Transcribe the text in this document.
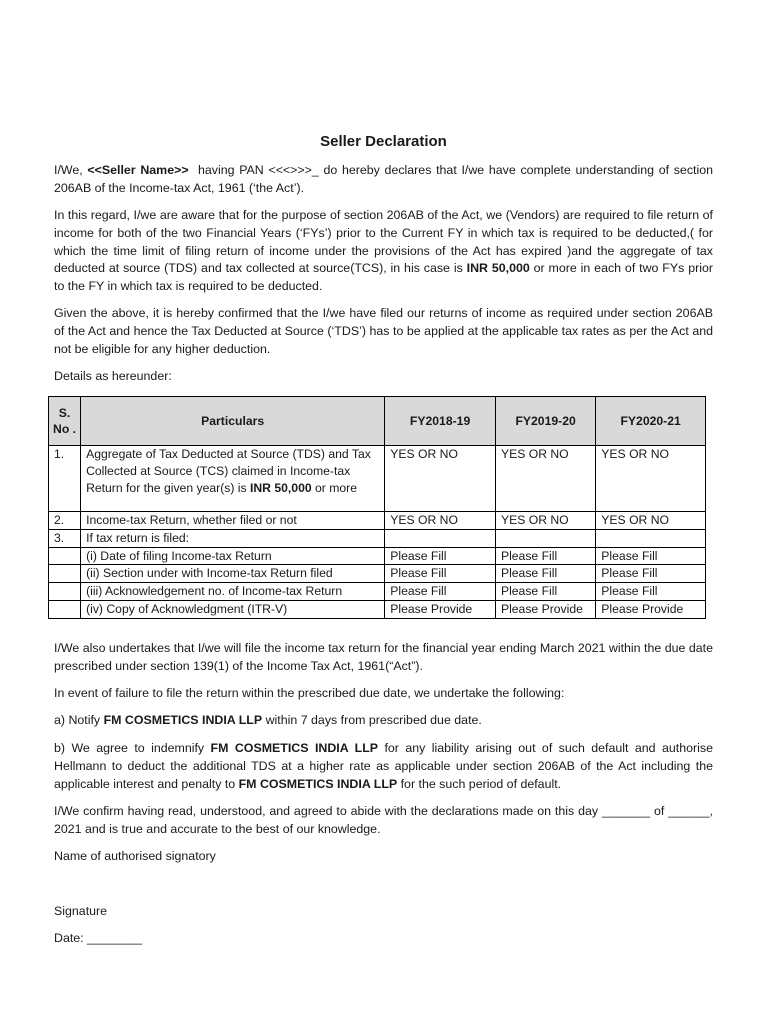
Seller Declaration
I/We, <<Seller Name>>  having PAN <<<>>>_ do hereby declares that I/we have complete understanding of section 206AB of the Income-tax Act, 1961 (‘the Act’).
In this regard, I/we are aware that for the purpose of section 206AB of the Act, we (Vendors) are required to file return of income for both of the two Financial Years (‘FYs’) prior to the Current FY in which tax is required to be deducted,( for which the time limit of filing return of income under the provisions of the Act has expired )and the aggregate of tax deducted at source (TDS) and tax collected at source(TCS), in his case is INR 50,000 or more in each of two FYs prior to the FY in which tax is required to be deducted.
Given the above, it is hereby confirmed that the I/we have filed our returns of income as required under section 206AB of the Act and hence the Tax Deducted at Source (‘TDS’) has to be applied at the applicable tax rates as per the Act and not be eligible for any higher deduction.
Details as hereunder:
I/We also undertakes that I/we will file the income tax return for the financial year ending March 2021 within the due date prescribed under section 139(1) of the Income Tax Act, 1961(“Act”).
In event of failure to file the return within the prescribed due date, we undertake the following:
a) Notify FM COSMETICS INDIA LLP within 7 days from prescribed due date.
b) We agree to indemnify FM COSMETICS INDIA LLP for any liability arising out of such default and authorise Hellmann to deduct the additional TDS at a higher rate as applicable under section 206AB of the Act including the applicable interest and penalty to FM COSMETICS INDIA LLP for the such period of default.
I/We confirm having read, understood, and agreed to abide with the declarations made on this day _______ of ______, 2021 and is true and accurate to the best of our knowledge.
Name of authorised signatory
Signature
Date: ________
S. No .	Particulars	FY2018-19	FY2019-20	FY2020-21
1.	Aggregate of Tax Deducted at Source (TDS) and Tax Collected at Source (TCS) claimed in Income-tax Return for the given year(s) is INR 50,000 or more	YES OR NO	YES OR NO	YES OR NO
2.	Income-tax Return, whether filed or not	YES OR NO	YES OR NO	YES OR NO
3.	If tax return is filed:			
	(i) Date of filing Income-tax Return	Please Fill	Please Fill	Please Fill
	(ii) Section under with Income-tax Return filed	Please Fill	Please Fill	Please Fill
	(iii) Acknowledgement no. of Income-tax Return	Please Fill	Please Fill	Please Fill
	(iv) Copy of Acknowledgment (ITR-V)	Please Provide	Please Provide	Please Provide
